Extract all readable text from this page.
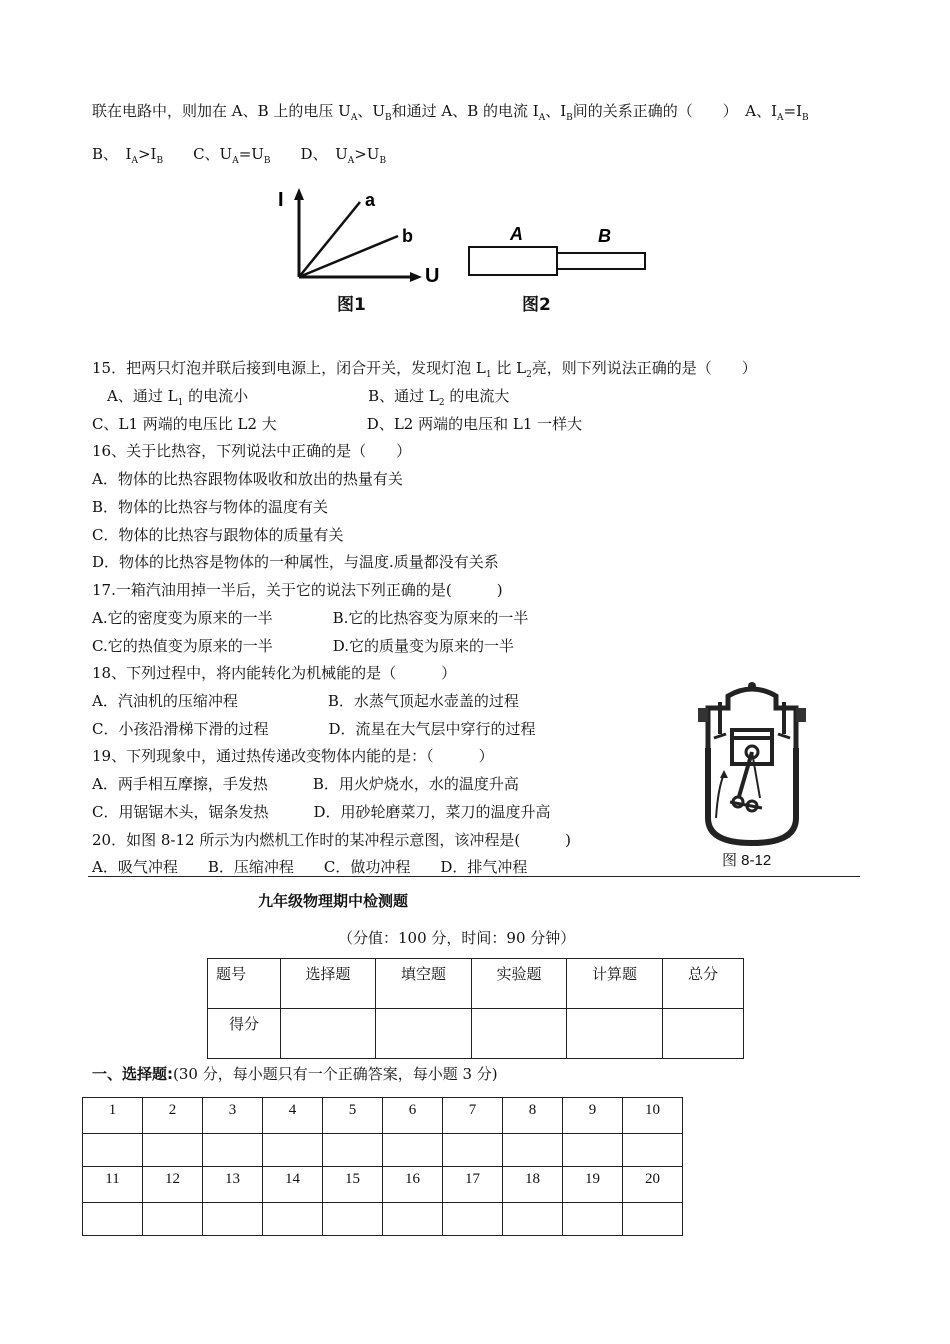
联在电路中，则加在 A、B 上的电压 $U_A$、$U_B$和通过 A、B 的电流 $I_A$、$I_B$间的关系正确的（　　）　A、$I_A=I_B$
B、　$I_A>I_B$　　C、$U_A=U_B$　　D、　$U_A>U_B$
I
U
a
b
图1
A	B
图2
15．把两只灯泡并联后接到电源上，闭合开关，发现灯泡 $L_1$ 比 $L_2$亮，则下列说法正确的是（　　）
　A、通过 $L_1$ 的电流小　　　　　　　　B、通过 $L_2$ 的电流大
C、L1 两端的电压比 L2 大　　　　　　D、L2 两端的电压和 L1 一样大
16、关于比热容，下列说法中正确的是（　　）
A．物体的比热容跟物体吸收和放出的热量有关
B．物体的比热容与物体的温度有关
C．物体的比热容与跟物体的质量有关
D．物体的比热容是物体的一种属性，与温度.质量都没有关系
17.一箱汽油用掉一半后，关于它的说法下列正确的是(　　　)
A.它的密度变为原来的一半　　　　B.它的比热容变为原来的一半
C.它的热值变为原来的一半　　　　D.它的质量变为原来的一半
18、下列过程中，将内能转化为机械能的是（　　　）
A．汽油机的压缩冲程　　　　　　B．水蒸气顶起水壶盖的过程
C．小孩沿滑梯下滑的过程　　　　D．流星在大气层中穿行的过程
19、下列现象中，通过热传递改变物体内能的是：（　　　）
A．两手相互摩擦，手发热　　　B．用火炉烧水，水的温度升高
C．用锯锯木头，锯条发热　　　D．用砂轮磨菜刀，菜刀的温度升高
20．如图 8-12 所示为内燃机工作时的某冲程示意图，该冲程是(　　　)
A．吸气冲程　　B．压缩冲程　　C．做功冲程　　D．排气冲程	图 8-12
九年级物理期中检测题
（分值：100 分，时间：90 分钟）
题号	选择题	填空题	实验题	计算题	总分
得分					
一、选择题:(30 分，每小题只有一个正确答案，每小题 3 分)
1	2	3	4	5	6	7	8	9	10

11	12	13	14	15	16	17	18	19	20
